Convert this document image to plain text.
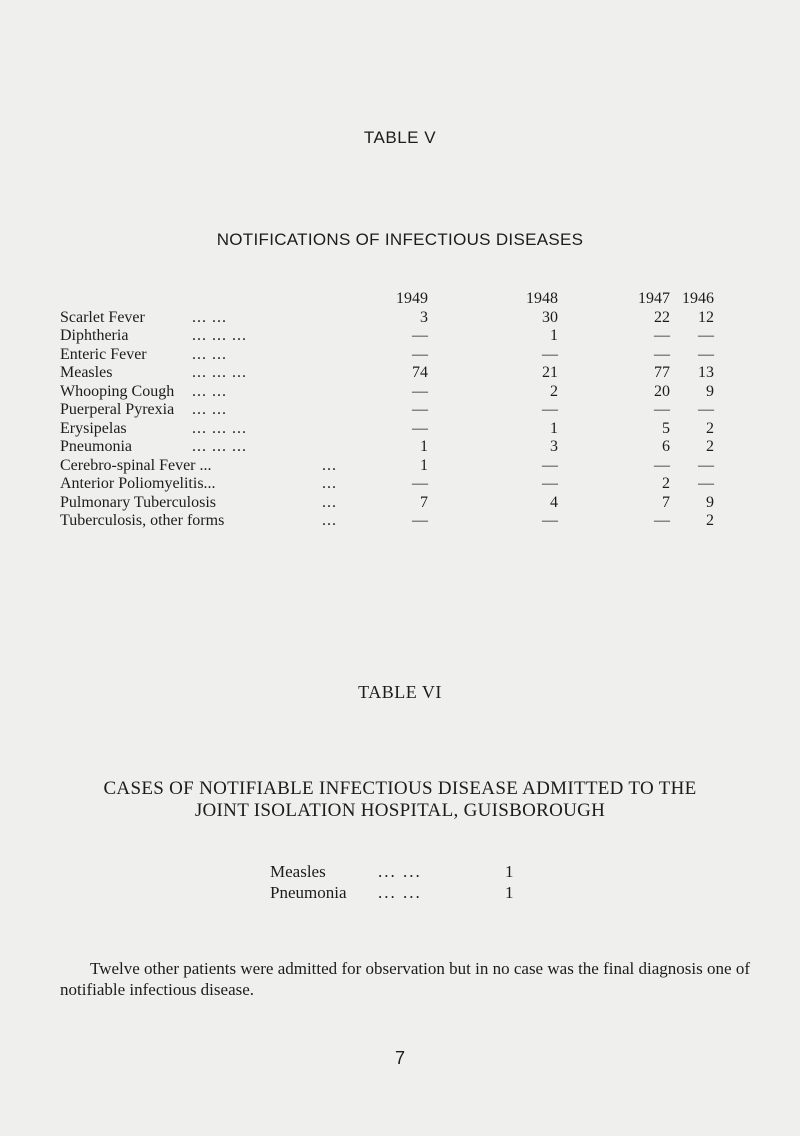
TABLE V
NOTIFICATIONS OF INFECTIOUS DISEASES
1949	1948	1947 1946
Scarlet Fever	... ...	3	30	22	12
Diphtheria	... ... ...	—	1	—	—
Enteric Fever	... ...	—	—	—	—
Measles	... ... ...	74	21	77	13
Whooping Cough ... ...	—	2	20	9
Puerperal Pyrexia ... ...	—	—	—	—
Erysipelas	... ... ...	—	1	5	2
Pneumonia	... ... ...	1	3	6	2
Cerebro-spinal Fever ...	...	1	—	—	—
Anterior Poliomyelitis...	...	—	—	2	—
Pulmonary Tuberculosis	...	7	4	7	9
Tuberculosis, other forms	...	—	—	—	2
TABLE VI
CASES OF NOTIFIABLE INFECTIOUS DISEASE ADMITTED TO THE
JOINT ISOLATION HOSPITAL, GUISBOROUGH
Measles	... ...	1
Pneumonia ... ...	1
Twelve other patients were admitted for observation but in no case was the final diagnosis one of notifiable infectious disease.
7
